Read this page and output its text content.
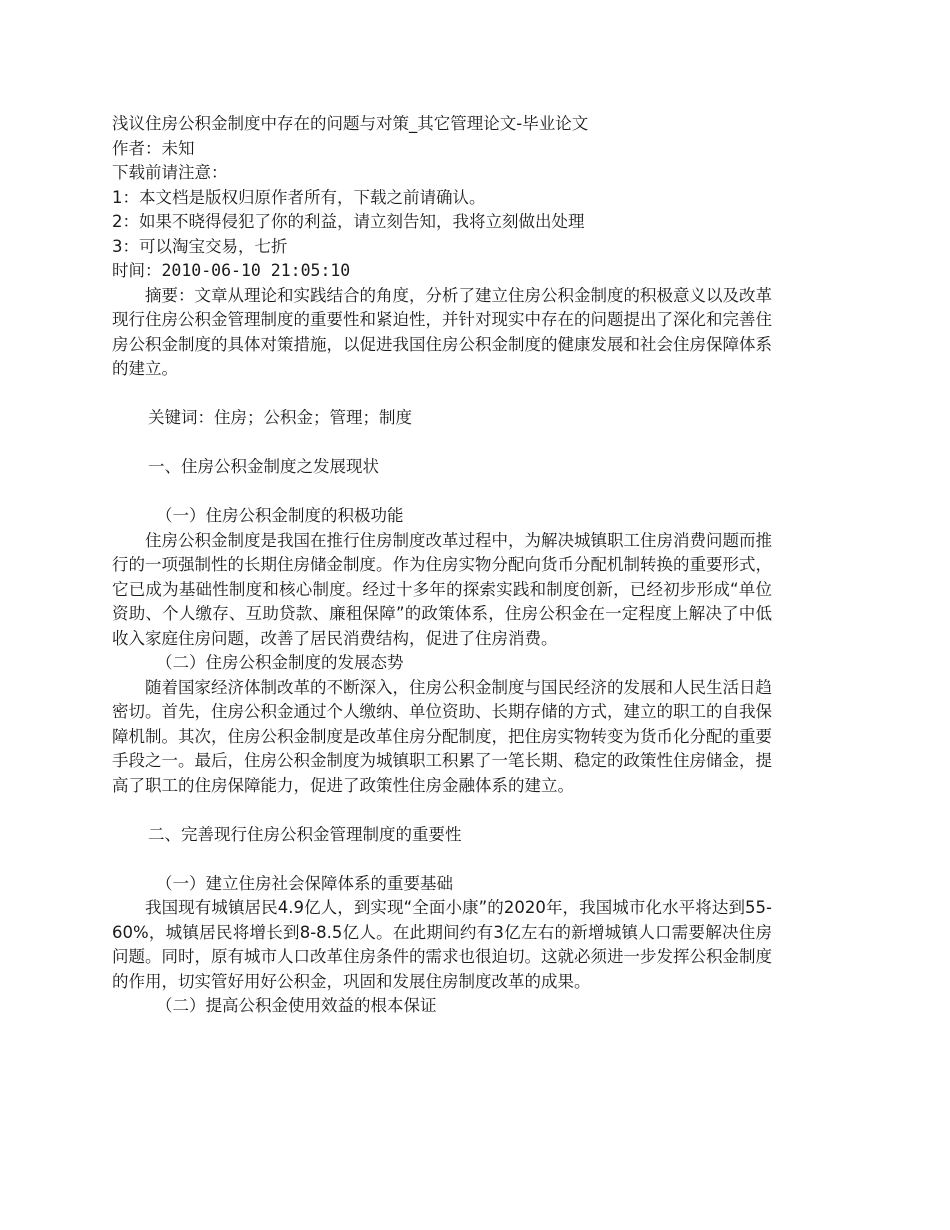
浅议住房公积金制度中存在的问题与对策_其它管理论文-毕业论文
作者：未知
下载前请注意：
1：本文档是版权归原作者所有，下载之前请确认。
2：如果不晓得侵犯了你的利益，请立刻告知，我将立刻做出处理
3：可以淘宝交易，七折
时间：2010-06-10 21:05:10

摘要：文章从理论和实践结合的角度，分析了建立住房公积金制度的积极意义以及改革现行住房公积金管理制度的重要性和紧迫性，并针对现实中存在的问题提出了深化和完善住房公积金制度的具体对策措施，以促进我国住房公积金制度的健康发展和社会住房保障体系的建立。

关键词：住房；公积金；管理；制度
一、住房公积金制度之发展现状
（一）住房公积金制度的积极功能

住房公积金制度是我国在推行住房制度改革过程中，为解决城镇职工住房消费问题而推行的一项强制性的长期住房储金制度。作为住房实物分配向货币分配机制转换的重要形式，它已成为基础性制度和核心制度。经过十多年的探索实践和制度创新，已经初步形成“单位资助、个人缴存、互助贷款、廉租保障”的政策体系，住房公积金在一定程度上解决了中低收入家庭住房问题，改善了居民消费结构，促进了住房消费。

（二）住房公积金制度的发展态势

随着国家经济体制改革的不断深入，住房公积金制度与国民经济的发展和人民生活日趋密切。首先，住房公积金通过个人缴纳、单位资助、长期存储的方式，建立的职工的自我保障机制。其次，住房公积金制度是改革住房分配制度，把住房实物转变为货币化分配的重要手段之一。最后，住房公积金制度为城镇职工积累了一笔长期、稳定的政策性住房储金，提高了职工的住房保障能力，促进了政策性住房金融体系的建立。

二、完善现行住房公积金管理制度的重要性
（一）建立住房社会保障体系的重要基础

我国现有城镇居民4.9亿人，到实现“全面小康”的2020年，我国城市化水平将达到55-60%，城镇居民将增长到8-8.5亿人。在此期间约有3亿左右的新增城镇人口需要解决住房问题。同时，原有城市人口改革住房条件的需求也很迫切。这就必须进一步发挥公积金制度的作用，切实管好用好公积金，巩固和发展住房制度改革的成果。

（二）提高公积金使用效益的根本保证
